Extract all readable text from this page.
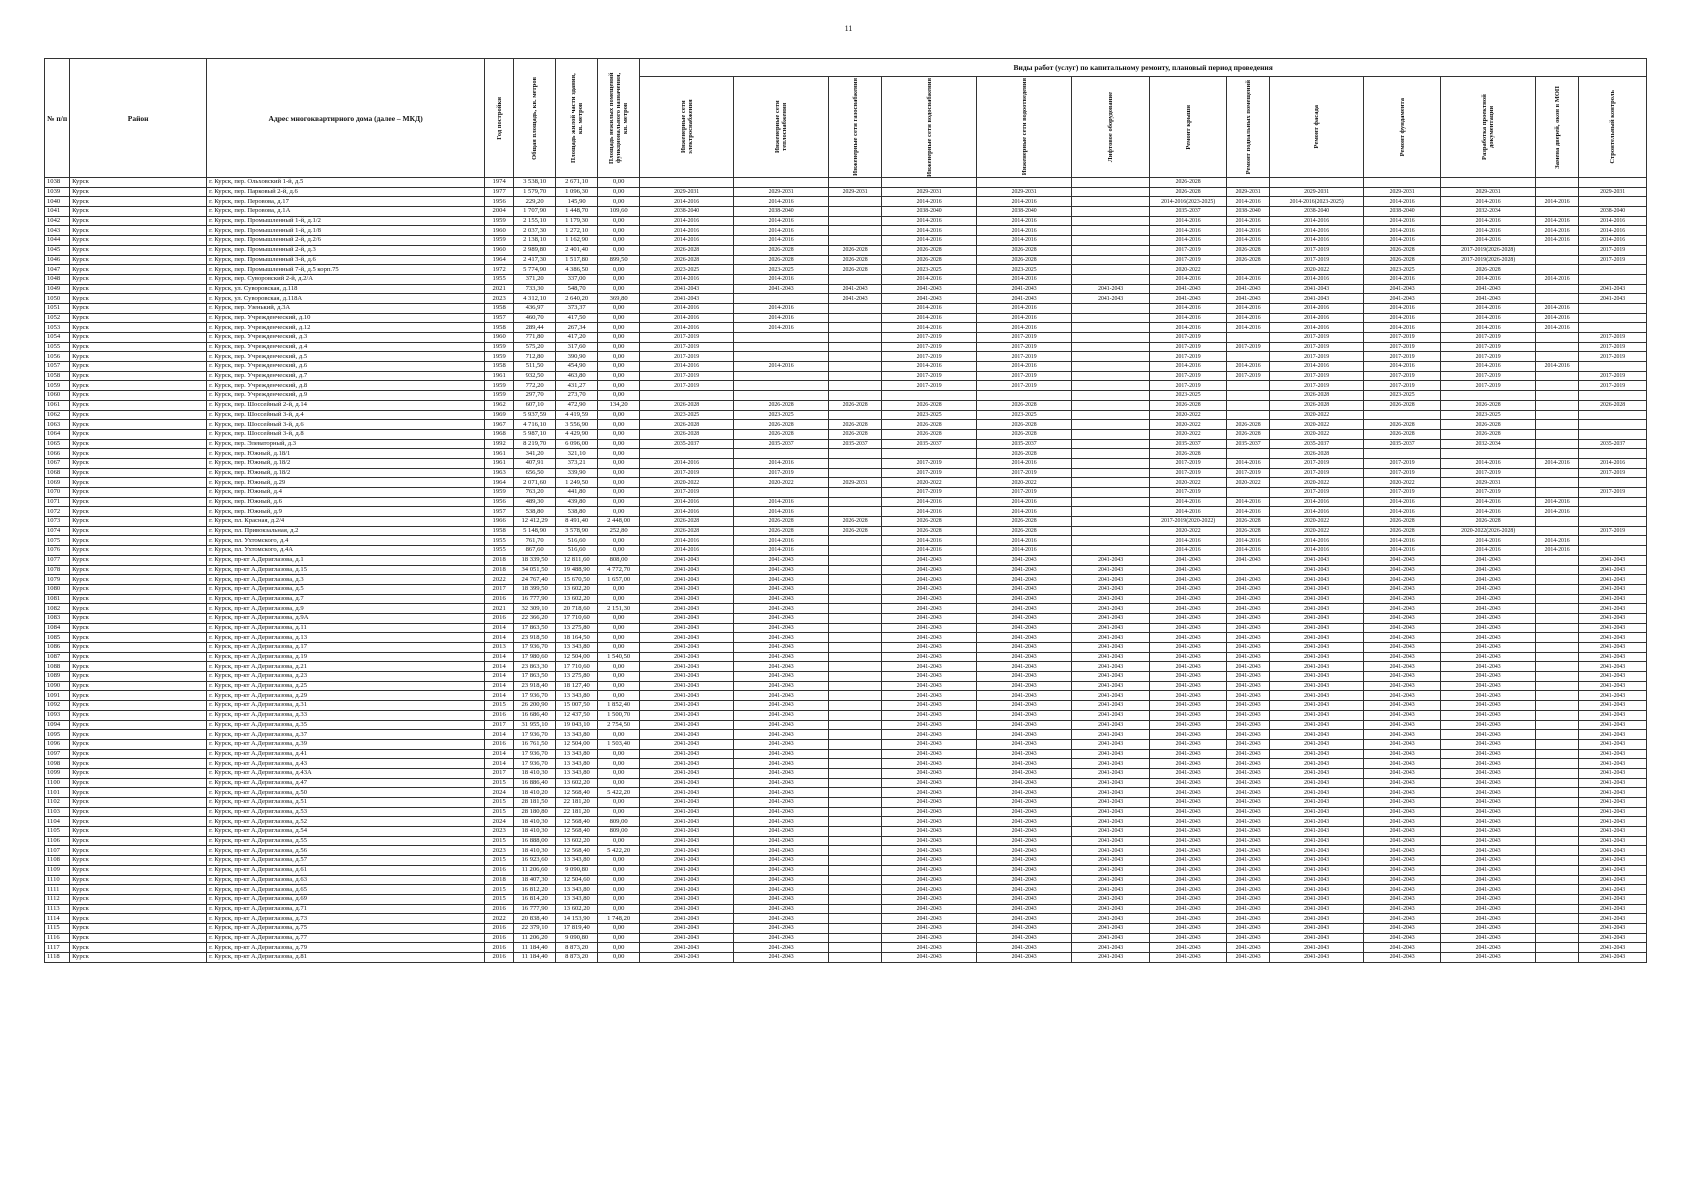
11
№ п/п	Район	Адрес многоквартирного дома (далее – МКД)	Год постройки	Общая площадь, кв. метров	Площадь жилой части здания, кв. метров	Площадь нежилых помещений функционального назначения, кв. метров	Виды работ (услуг) по капитальному ремонту, плановый период проведения												

							Инженерные сети электроснабжения	Инженерные сети теплоснабжения	Инженерные сети газоснабжения	Инженерные сети водоснабжения	Инженерные сети водоотведения	Лифтовое оборудование	Ремонт крыши	Ремонт подвальных помещений	Ремонт фасада	Ремонт фундамента	Разработка проектной документации	Замена дверей, окон в МОП	Строительный контроль

1038	Курск	г. Курск, пер. Ольховский 1-й, д.5	1974	3 538,10	2 671,10	0,00							2026-2028						
1039	Курск	г. Курск, пер. Парковый 2-й, д.6	1977	1 579,70	1 096,30	0,00	2029-2031	2029-2031	2029-2031	2029-2031	2029-2031		2026-2028	2029-2031	2029-2031	2029-2031	2029-2031		2029-2031
1040	Курск	г. Курск, пер. Перовова, д.17	1956	229,20	145,90	0,00	2014-2016	2014-2016		2014-2016	2014-2016		2014-2016(2023-2025)	2014-2016	2014-2016(2023-2025)	2014-2016	2014-2016	2014-2016	
1041	Курск	г. Курск, пер. Перовова, д.1А	2004	1 707,90	1 448,70	109,60	2038-2040	2038-2040		2038-2040	2038-2040		2035-2037	2038-2040	2038-2040	2038-2040	2032-2034		2038-2040
1042	Курск	г. Курск, пер. Промышленный 1-й, д.1/2	1959	2 155,10	1 179,30	0,00	2014-2016	2014-2016		2014-2016	2014-2016		2014-2016	2014-2016	2014-2016	2014-2016	2014-2016	2014-2016	2014-2016
1043	Курск	г. Курск, пер. Промышленный 1-й, д.1/8	1960	2 037,30	1 272,10	0,00	2014-2016	2014-2016		2014-2016	2014-2016		2014-2016	2014-2016	2014-2016	2014-2016	2014-2016	2014-2016	2014-2016
1044	Курск	г. Курск, пер. Промышленный 2-й, д.2/6	1959	2 138,10	1 162,90	0,00	2014-2016	2014-2016		2014-2016	2014-2016		2014-2016	2014-2016	2014-2016	2014-2016	2014-2016	2014-2016	2014-2016
1045	Курск	г. Курск, пер. Промышленный 2-й, д.3	1960	2 989,80	2 401,40	0,00	2026-2028	2026-2028	2026-2028	2026-2028	2026-2028		2017-2019	2026-2028	2017-2019	2026-2028	2017-2019(2026-2028)		2017-2019
1046	Курск	г. Курск, пер. Промышленный 3-й, д.6	1964	2 417,30	1 517,80	899,50	2026-2028	2026-2028	2026-2028	2026-2028	2026-2028		2017-2019	2026-2028	2017-2019	2026-2028	2017-2019(2026-2028)		2017-2019
1047	Курск	г. Курск, пер. Промышленный 7-й, д.5 корп.75	1972	5 774,90	4 386,50	0,00	2023-2025	2023-2025	2026-2028	2023-2025	2023-2025		2020-2022		2020-2022	2023-2025	2026-2028		
1048	Курск	г. Курск, пер. Суворовский 2-й, д.2/А	1955	371,20	337,00	0,00	2014-2016	2014-2016		2014-2016	2014-2016		2014-2016	2014-2016	2014-2016	2014-2016	2014-2016	2014-2016	
1049	Курск	г. Курск, ул. Суворовская, д.118	2021	733,30	548,70	0,00	2041-2043	2041-2043	2041-2043	2041-2043	2041-2043	2041-2043	2041-2043	2041-2043	2041-2043	2041-2043	2041-2043		2041-2043
1050	Курск	г. Курск, ул. Суворовская, д.118А	2023	4 312,10	2 640,20	369,80	2041-2043		2041-2043	2041-2043	2041-2043	2041-2043	2041-2043	2041-2043	2041-2043	2041-2043	2041-2043		2041-2043
1051	Курск	г. Курск, пер. Узенький, д.3А	1958	436,97	373,37	0,00	2014-2016	2014-2016		2014-2016	2014-2016		2014-2016	2014-2016	2014-2016	2014-2016	2014-2016	2014-2016	
1052	Курск	г. Курск, пер. Учрежденческий, д.10	1957	460,70	417,50	0,00	2014-2016	2014-2016		2014-2016	2014-2016		2014-2016	2014-2016	2014-2016	2014-2016	2014-2016	2014-2016	
1053	Курск	г. Курск, пер. Учрежденческий, д.12	1958	289,44	267,34	0,00	2014-2016	2014-2016		2014-2016	2014-2016		2014-2016	2014-2016	2014-2016	2014-2016	2014-2016	2014-2016	
1054	Курск	г. Курск, пер. Учрежденческий, д.3	1960	771,80	417,20	0,00	2017-2019			2017-2019	2017-2019		2017-2019		2017-2019	2017-2019	2017-2019		2017-2019
1055	Курск	г. Курск, пер. Учрежденческий, д.4	1959	575,20	317,60	0,00	2017-2019			2017-2019	2017-2019		2017-2019	2017-2019	2017-2019	2017-2019	2017-2019		2017-2019
1056	Курск	г. Курск, пер. Учрежденческий, д.5	1959	712,80	390,90	0,00	2017-2019			2017-2019	2017-2019		2017-2019		2017-2019	2017-2019	2017-2019		2017-2019
1057	Курск	г. Курск, пер. Учрежденческий, д.6	1958	511,50	454,90	0,00	2014-2016	2014-2016		2014-2016	2014-2016		2014-2016	2014-2016	2014-2016	2014-2016	2014-2016	2014-2016	
1058	Курск	г. Курск, пер. Учрежденческий, д.7	1961	932,50	463,80	0,00	2017-2019			2017-2019	2017-2019		2017-2019	2017-2019	2017-2019	2017-2019	2017-2019		2017-2019
1059	Курск	г. Курск, пер. Учрежденческий, д.8	1959	772,20	431,27	0,00	2017-2019			2017-2019	2017-2019		2017-2019		2017-2019	2017-2019	2017-2019		2017-2019
1060	Курск	г. Курск, пер. Учрежденческий, д.9	1959	297,70	273,70	0,00							2023-2025		2026-2028	2023-2025			
1061	Курск	г. Курск, пер. Шоссейный 2-й, д.14	1962	607,10	472,90	134,20	2026-2028	2026-2028	2026-2028	2026-2028	2026-2028		2026-2028		2026-2028	2026-2028	2026-2028		2026-2028
1062	Курск	г. Курск, пер. Шоссейный 3-й, д.4	1969	5 937,59	4 419,59	0,00	2023-2025	2023-2025		2023-2025	2023-2025		2020-2022		2020-2022		2023-2025		
1063	Курск	г. Курск, пер. Шоссейный 3-й, д.6	1967	4 716,10	3 556,90	0,00	2026-2028	2026-2028	2026-2028	2026-2028	2026-2028		2020-2022	2026-2028	2020-2022	2026-2028	2026-2028		
1064	Курск	г. Курск, пер. Шоссейный 3-й, д.8	1968	5 987,10	4 429,90	0,00	2026-2028	2026-2028	2026-2028	2026-2028	2026-2028		2020-2022	2026-2028	2020-2022	2026-2028	2026-2028		
1065	Курск	г. Курск, пер. Элеваторный, д.3	1992	8 219,70	6 096,00	0,00	2035-2037	2035-2037	2035-2037	2035-2037	2035-2037		2035-2037	2035-2037	2035-2037	2035-2037	2032-2034		2035-2037
1066	Курск	г. Курск, пер. Южный, д.18/1	1961	341,20	321,10	0,00					2026-2028		2026-2028		2026-2028				
1067	Курск	г. Курск, пер. Южный, д.18/2	1961	407,91	373,21	0,00	2014-2016	2014-2016		2017-2019	2014-2016		2017-2019	2014-2016	2017-2019	2017-2019	2014-2016	2014-2016	2014-2016
1068	Курск	г. Курск, пер. Южный, д.18/2	1963	656,50	339,90	0,00	2017-2019	2017-2019		2017-2019	2017-2019		2017-2019	2017-2019	2017-2019	2017-2019	2017-2019		2017-2019
1069	Курск	г. Курск, пер. Южный, д.29	1964	2 071,60	1 249,50	0,00	2020-2022	2020-2022	2029-2031	2020-2022	2020-2022		2020-2022	2020-2022	2020-2022	2020-2022	2029-2031		
1070	Курск	г. Курск, пер. Южный, д.4	1959	763,20	441,80	0,00	2017-2019			2017-2019	2017-2019		2017-2019		2017-2019	2017-2019	2017-2019		2017-2019
1071	Курск	г. Курск, пер. Южный, д.6	1956	489,30	439,80	0,00	2014-2016	2014-2016		2014-2016	2014-2016		2014-2016	2014-2016	2014-2016	2014-2016	2014-2016	2014-2016	
1072	Курск	г. Курск, пер. Южный, д.9	1957	538,80	538,80	0,00	2014-2016	2014-2016		2014-2016	2014-2016		2014-2016	2014-2016	2014-2016	2014-2016	2014-2016	2014-2016	
1073	Курск	г. Курск, пл. Красная, д.2/4	1966	12 412,29	8 491,40	2 448,00	2026-2028	2026-2028	2026-2028	2026-2028	2026-2028		2017-2019(2020-2022)	2026-2028	2020-2022	2026-2028	2026-2028		
1074	Курск	г. Курск, пл. Привокзальная, д.2	1958	5 148,90	3 578,90	252,80	2026-2028	2026-2028	2026-2028	2026-2028	2026-2028		2020-2022	2026-2028	2020-2022	2026-2028	2020-2022(2026-2028)		2017-2019
1075	Курск	г. Курск, пл. Ухтомского, д.4	1955	761,70	516,60	0,00	2014-2016	2014-2016		2014-2016	2014-2016		2014-2016	2014-2016	2014-2016	2014-2016	2014-2016	2014-2016	
1076	Курск	г. Курск, пл. Ухтомского, д.4А	1955	867,60	516,60	0,00	2014-2016	2014-2016		2014-2016	2014-2016		2014-2016	2014-2016	2014-2016	2014-2016	2014-2016	2014-2016	
1077	Курск	г. Курск, пр-кт А.Дериглазова, д.1	2018	18 339,50	12 811,60	808,00	2041-2043	2041-2043		2041-2043	2041-2043	2041-2043	2041-2043	2041-2043	2041-2043	2041-2043	2041-2043		2041-2043
1078	Курск	г. Курск, пр-кт А.Дериглазова, д.15	2018	34 051,50	19 488,90	4 772,70	2041-2043	2041-2043		2041-2043	2041-2043	2041-2043	2041-2043		2041-2043	2041-2043	2041-2043		2041-2043
1079	Курск	г. Курск, пр-кт А.Дериглазова, д.3	2022	24 767,40	15 670,50	1 657,00	2041-2043	2041-2043		2041-2043	2041-2043	2041-2043	2041-2043	2041-2043	2041-2043	2041-2043	2041-2043		2041-2043
1080	Курск	г. Курск, пр-кт А.Дериглазова, д.5	2017	18 399,50	13 602,20	0,00	2041-2043	2041-2043		2041-2043	2041-2043	2041-2043	2041-2043	2041-2043	2041-2043	2041-2043	2041-2043		2041-2043
1081	Курск	г. Курск, пр-кт А.Дериглазова, д.7	2016	16 777,90	13 602,20	0,00	2041-2043	2041-2043		2041-2043	2041-2043	2041-2043	2041-2043	2041-2043	2041-2043	2041-2043	2041-2043		2041-2043
1082	Курск	г. Курск, пр-кт А.Дериглазова, д.9	2021	32 309,10	20 718,60	2 151,30	2041-2043	2041-2043		2041-2043	2041-2043	2041-2043	2041-2043	2041-2043	2041-2043	2041-2043	2041-2043		2041-2043
1083	Курск	г. Курск, пр-кт А.Дериглазова, д.9А	2016	22 366,20	17 710,60	0,00	2041-2043	2041-2043		2041-2043	2041-2043	2041-2043	2041-2043	2041-2043	2041-2043	2041-2043	2041-2043		2041-2043
1084	Курск	г. Курск, пр-кт А.Дериглазова, д.11	2014	17 863,50	13 275,80	0,00	2041-2043	2041-2043		2041-2043	2041-2043	2041-2043	2041-2043	2041-2043	2041-2043	2041-2043	2041-2043		2041-2043
1085	Курск	г. Курск, пр-кт А.Дериглазова, д.13	2014	23 918,50	18 164,50	0,00	2041-2043	2041-2043		2041-2043	2041-2043	2041-2043	2041-2043	2041-2043	2041-2043	2041-2043	2041-2043		2041-2043
1086	Курск	г. Курск, пр-кт А.Дериглазова, д.17	2013	17 936,70	13 343,80	0,00	2041-2043	2041-2043		2041-2043	2041-2043	2041-2043	2041-2043	2041-2043	2041-2043	2041-2043	2041-2043		2041-2043
1087	Курск	г. Курск, пр-кт А.Дериглазова, д.19	2014	17 980,60	12 504,00	1 540,50	2041-2043	2041-2043		2041-2043	2041-2043	2041-2043	2041-2043	2041-2043	2041-2043	2041-2043	2041-2043		2041-2043
1088	Курск	г. Курск, пр-кт А.Дериглазова, д.21	2014	23 863,30	17 710,60	0,00	2041-2043	2041-2043		2041-2043	2041-2043	2041-2043	2041-2043	2041-2043	2041-2043	2041-2043	2041-2043		2041-2043
1089	Курск	г. Курск, пр-кт А.Дериглазова, д.23	2014	17 863,50	13 275,80	0,00	2041-2043	2041-2043		2041-2043	2041-2043	2041-2043	2041-2043	2041-2043	2041-2043	2041-2043	2041-2043		2041-2043
1090	Курск	г. Курск, пр-кт А.Дериглазова, д.25	2014	23 918,40	18 127,40	0,00	2041-2043	2041-2043		2041-2043	2041-2043	2041-2043	2041-2043	2041-2043	2041-2043	2041-2043	2041-2043		2041-2043
1091	Курск	г. Курск, пр-кт А.Дериглазова, д.29	2014	17 936,70	13 343,80	0,00	2041-2043	2041-2043		2041-2043	2041-2043	2041-2043	2041-2043	2041-2043	2041-2043	2041-2043	2041-2043		2041-2043
1092	Курск	г. Курск, пр-кт А.Дериглазова, д.31	2015	26 200,90	15 007,50	1 852,40	2041-2043	2041-2043		2041-2043	2041-2043	2041-2043	2041-2043	2041-2043	2041-2043	2041-2043	2041-2043		2041-2043
1093	Курск	г. Курск, пр-кт А.Дериглазова, д.33	2016	16 686,40	12 437,50	1 500,70	2041-2043	2041-2043		2041-2043	2041-2043	2041-2043	2041-2043	2041-2043	2041-2043	2041-2043	2041-2043		2041-2043
1094	Курск	г. Курск, пр-кт А.Дериглазова, д.35	2017	31 955,10	19 043,10	2 754,50	2041-2043	2041-2043		2041-2043	2041-2043	2041-2043	2041-2043	2041-2043	2041-2043	2041-2043	2041-2043		2041-2043
1095	Курск	г. Курск, пр-кт А.Дериглазова, д.37	2014	17 936,70	13 343,80	0,00	2041-2043	2041-2043		2041-2043	2041-2043	2041-2043	2041-2043	2041-2043	2041-2043	2041-2043	2041-2043		2041-2043
1096	Курск	г. Курск, пр-кт А.Дериглазова, д.39	2016	16 761,50	12 504,00	1 503,40	2041-2043	2041-2043		2041-2043	2041-2043	2041-2043	2041-2043	2041-2043	2041-2043	2041-2043	2041-2043		2041-2043
1097	Курск	г. Курск, пр-кт А.Дериглазова, д.41	2014	17 936,70	13 343,80	0,00	2041-2043	2041-2043		2041-2043	2041-2043	2041-2043	2041-2043	2041-2043	2041-2043	2041-2043	2041-2043		2041-2043
1098	Курск	г. Курск, пр-кт А.Дериглазова, д.43	2014	17 936,70	13 343,80	0,00	2041-2043	2041-2043		2041-2043	2041-2043	2041-2043	2041-2043	2041-2043	2041-2043	2041-2043	2041-2043		2041-2043
1099	Курск	г. Курск, пр-кт А.Дериглазова, д.43А	2017	18 410,30	13 343,80	0,00	2041-2043	2041-2043		2041-2043	2041-2043	2041-2043	2041-2043	2041-2043	2041-2043	2041-2043	2041-2043		2041-2043
1100	Курск	г. Курск, пр-кт А.Дериглазова, д.47	2015	16 886,40	13 602,20	0,00	2041-2043	2041-2043		2041-2043	2041-2043	2041-2043	2041-2043	2041-2043	2041-2043	2041-2043	2041-2043		2041-2043
1101	Курск	г. Курск, пр-кт А.Дериглазова, д.50	2024	18 410,20	12 568,40	5 422,20	2041-2043	2041-2043		2041-2043	2041-2043	2041-2043	2041-2043	2041-2043	2041-2043	2041-2043	2041-2043		2041-2043
1102	Курск	г. Курск, пр-кт А.Дериглазова, д.51	2015	28 181,50	22 181,20	0,00	2041-2043	2041-2043		2041-2043	2041-2043	2041-2043	2041-2043	2041-2043	2041-2043	2041-2043	2041-2043		2041-2043
1103	Курск	г. Курск, пр-кт А.Дериглазова, д.53	2015	28 180,80	22 181,20	0,00	2041-2043	2041-2043		2041-2043	2041-2043	2041-2043	2041-2043	2041-2043	2041-2043	2041-2043	2041-2043		2041-2043
1104	Курск	г. Курск, пр-кт А.Дериглазова, д.52	2024	18 410,30	12 568,40	809,00	2041-2043	2041-2043		2041-2043	2041-2043	2041-2043	2041-2043	2041-2043	2041-2043	2041-2043	2041-2043		2041-2043
1105	Курск	г. Курск, пр-кт А.Дериглазова, д.54	2023	18 410,30	12 568,40	809,00	2041-2043	2041-2043		2041-2043	2041-2043	2041-2043	2041-2043	2041-2043	2041-2043	2041-2043	2041-2043		2041-2043
1106	Курск	г. Курск, пр-кт А.Дериглазова, д.55	2015	16 888,00	13 602,20	0,00	2041-2043	2041-2043		2041-2043	2041-2043	2041-2043	2041-2043	2041-2043	2041-2043	2041-2043	2041-2043		2041-2043
1107	Курск	г. Курск, пр-кт А.Дериглазова, д.56	2023	18 410,30	12 568,40	5 422,20	2041-2043	2041-2043		2041-2043	2041-2043	2041-2043	2041-2043	2041-2043	2041-2043	2041-2043	2041-2043		2041-2043
1108	Курск	г. Курск, пр-кт А.Дериглазова, д.57	2015	16 923,60	13 343,80	0,00	2041-2043	2041-2043		2041-2043	2041-2043	2041-2043	2041-2043	2041-2043	2041-2043	2041-2043	2041-2043		2041-2043
1109	Курск	г. Курск, пр-кт А.Дериглазова, д.61	2016	11 206,60	9 090,80	0,00	2041-2043	2041-2043		2041-2043	2041-2043	2041-2043	2041-2043	2041-2043	2041-2043	2041-2043	2041-2043		2041-2043
1110	Курск	г. Курск, пр-кт А.Дериглазова, д.63	2018	18 407,30	12 504,60	0,00	2041-2043	2041-2043		2041-2043	2041-2043	2041-2043	2041-2043	2041-2043	2041-2043	2041-2043	2041-2043		2041-2043
1111	Курск	г. Курск, пр-кт А.Дериглазова, д.65	2015	16 812,20	13 343,80	0,00	2041-2043	2041-2043		2041-2043	2041-2043	2041-2043	2041-2043	2041-2043	2041-2043	2041-2043	2041-2043		2041-2043
1112	Курск	г. Курск, пр-кт А.Дериглазова, д.69	2015	16 814,20	13 343,80	0,00	2041-2043	2041-2043		2041-2043	2041-2043	2041-2043	2041-2043	2041-2043	2041-2043	2041-2043	2041-2043		2041-2043
1113	Курск	г. Курск, пр-кт А.Дериглазова, д.71	2016	16 777,90	13 602,20	0,00	2041-2043	2041-2043		2041-2043	2041-2043	2041-2043	2041-2043	2041-2043	2041-2043	2041-2043	2041-2043		2041-2043
1114	Курск	г. Курск, пр-кт А.Дериглазова, д.73	2022	20 838,40	14 153,90	1 748,20	2041-2043	2041-2043		2041-2043	2041-2043	2041-2043	2041-2043	2041-2043	2041-2043	2041-2043	2041-2043		2041-2043
1115	Курск	г. Курск, пр-кт А.Дериглазова, д.75	2016	22 379,10	17 819,40	0,00	2041-2043	2041-2043		2041-2043	2041-2043	2041-2043	2041-2043	2041-2043	2041-2043	2041-2043	2041-2043		2041-2043
1116	Курск	г. Курск, пр-кт А.Дериглазова, д.77	2016	11 206,20	9 090,80	0,00	2041-2043	2041-2043		2041-2043	2041-2043	2041-2043	2041-2043	2041-2043	2041-2043	2041-2043	2041-2043		2041-2043
1117	Курск	г. Курск, пр-кт А.Дериглазова, д.79	2016	11 184,40	8 873,20	0,00	2041-2043	2041-2043		2041-2043	2041-2043	2041-2043	2041-2043	2041-2043	2041-2043	2041-2043	2041-2043		2041-2043
1118	Курск	г. Курск, пр-кт А.Дериглазова, д.81	2016	11 184,40	8 873,20	0,00	2041-2043	2041-2043		2041-2043	2041-2043	2041-2043	2041-2043	2041-2043	2041-2043	2041-2043	2041-2043		2041-2043
